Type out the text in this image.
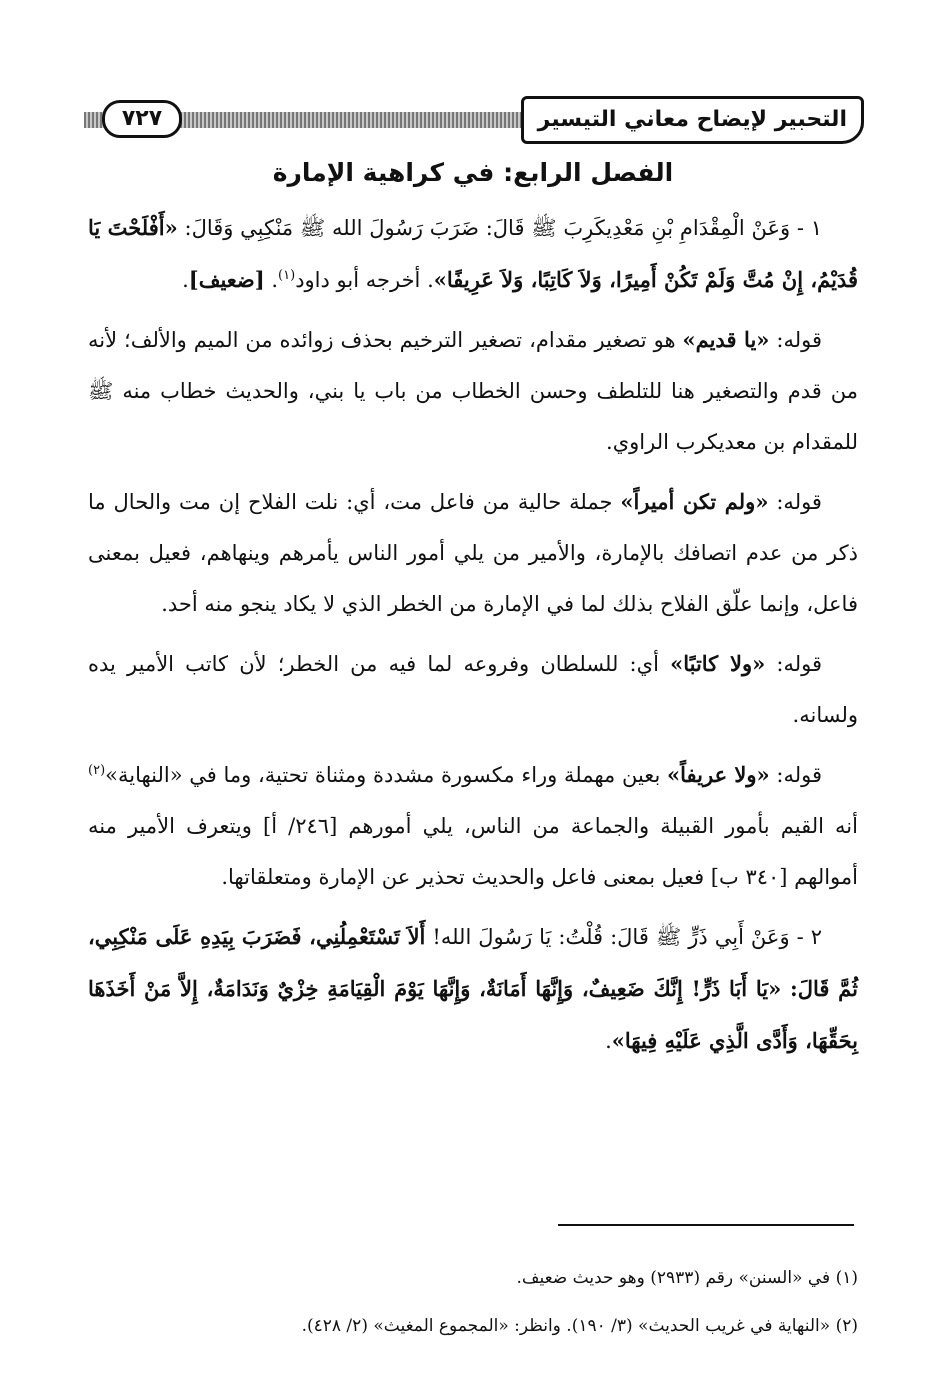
التحبير لإيضاح معاني التيسير
٧٢٧
الفصل الرابع: في كراهية الإمارة

١ - وَعَنْ الْمِقْدَامِ بْنِ مَعْدِيكَرِبَ ﷺ قَالَ: ضَرَبَ رَسُولَ الله ﷺ مَنْكِبِي وَقَالَ: «أَفْلَحْتَ يَا قُدَيْمُ، إِنْ مُتَّ وَلَمْ تَكُنْ أَمِيرًا، وَلاَ كَاتِبًا، وَلاَ عَرِيفًا». أخرجه أبو داود$^{(١)}$. [ضعيف].

قوله: «يا قديم» هو تصغير مقدام، تصغير الترخيم بحذف زوائده من الميم والألف؛ لأنه من قدم والتصغير هنا للتلطف وحسن الخطاب من باب يا بني، والحديث خطاب منه ﷺ للمقدام بن معديكرب الراوي.

قوله: «ولم تكن أميراً» جملة حالية من فاعل مت، أي: نلت الفلاح إن مت والحال ما ذكر من عدم اتصافك بالإمارة، والأمير من يلي أمور الناس يأمرهم وينهاهم، فعيل بمعنى فاعل، وإنما علّق الفلاح بذلك لما في الإمارة من الخطر الذي لا يكاد ينجو منه أحد.

قوله: «ولا كاتبًا» أي: للسلطان وفروعه لما فيه من الخطر؛ لأن كاتب الأمير يده ولسانه.

قوله: «ولا عريفاً» بعين مهملة وراء مكسورة مشددة ومثناة تحتية، وما في «النهاية»$^{(٢)}$ أنه القيم بأمور القبيلة والجماعة من الناس، يلي أمورهم [٢٤٦/ أ] ويتعرف الأمير منه أموالهم [٣٤٠ ب] فعيل بمعنى فاعل والحديث تحذير عن الإمارة ومتعلقاتها.

٢ - وَعَنْ أَبِي ذَرٍّ ﷺ قَالَ: قُلْتُ: يَا رَسُولَ الله! أَلاَ تَسْتَعْمِلُنِي، فَضَرَبَ بِيَدِهِ عَلَى مَنْكِبِي، ثُمَّ قَالَ: «يَا أَبَا ذَرٍّ! إِنَّكَ ضَعِيفٌ، وَإِنَّهَا أَمَانَةٌ، وَإِنَّهَا يَوْمَ الْقِيَامَةِ خِزْيٌ وَنَدَامَةٌ، إِلاَّ مَنْ أَخَذَهَا بِحَقِّهَا، وَأَدَّى الَّذِي عَلَيْهِ فِيهَا».

(١) في «السنن» رقم (٢٩٣٣) وهو حديث ضعيف.

(٢) «النهاية في غريب الحديث» (٣/ ١٩٠). وانظر: «المجموع المغيث» (٢/ ٤٢٨).
